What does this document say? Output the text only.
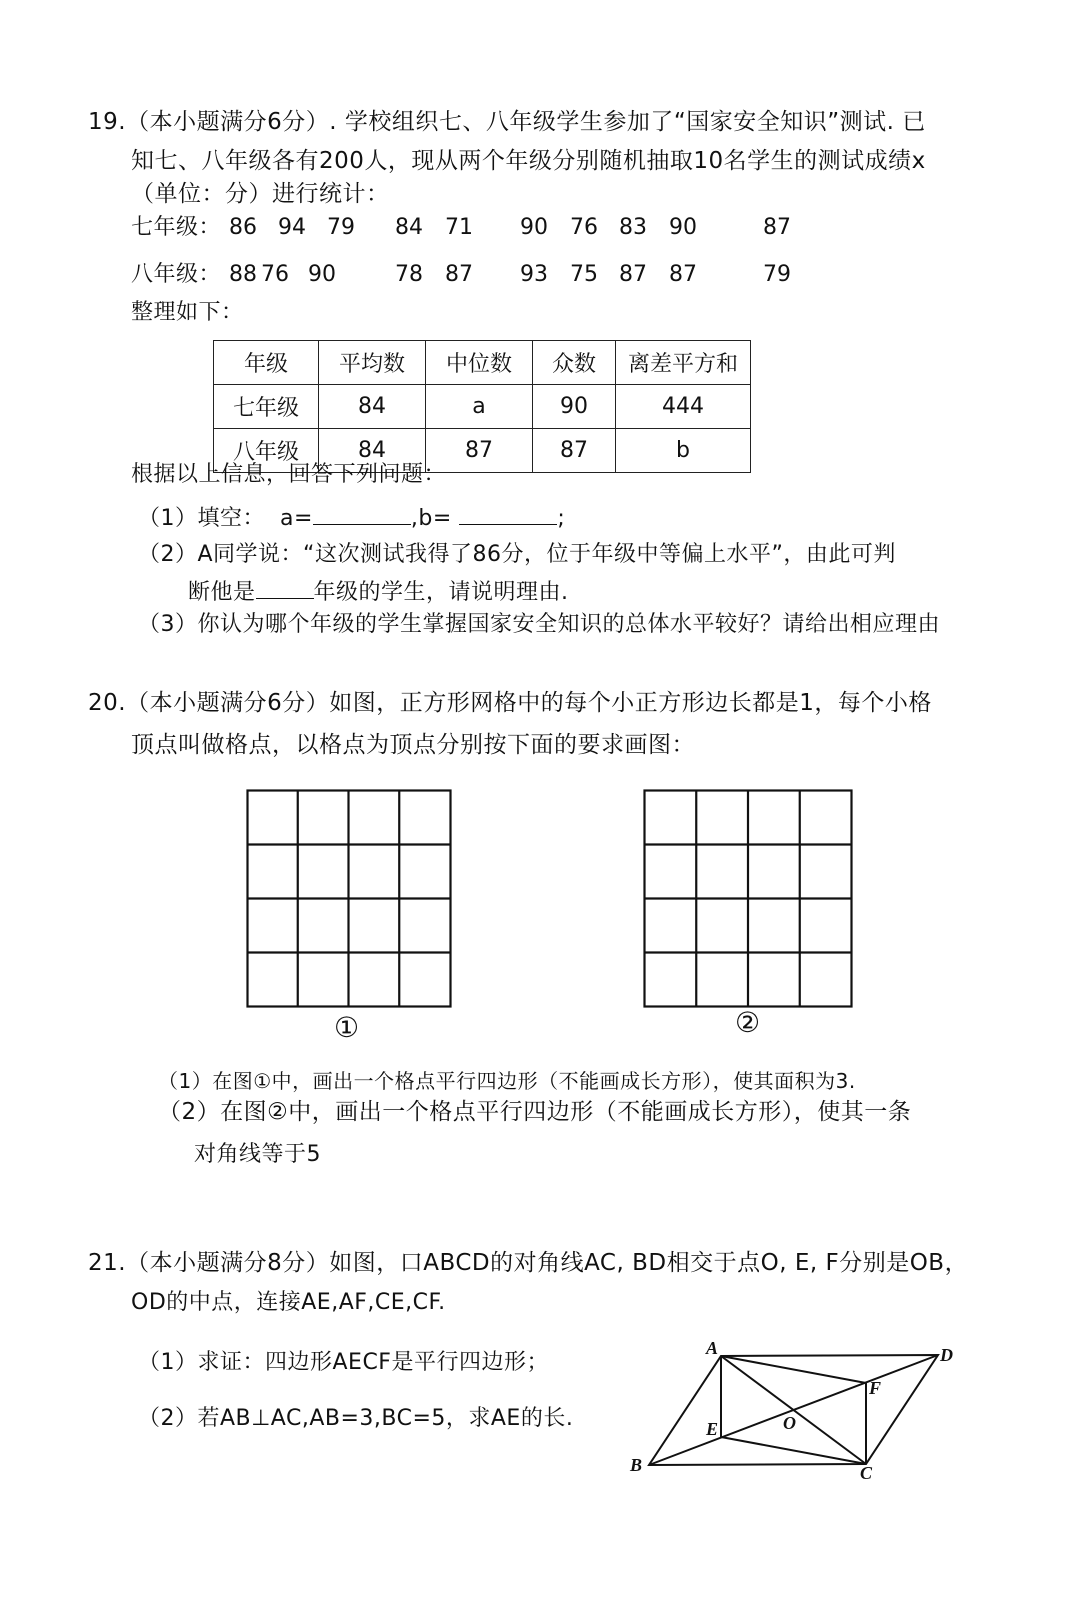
19.（本小题满分6分）. 学校组织七、八年级学生参加了“国家安全知识”测试. 已
知七、八年级各有200人，现从两个年级分别随机抽取10名学生的测试成绩x
（单位：分）进行统计：
七年级： 86 94 79 84 71 90 76 83 90	87
八年级： 88 76 90	78 87 93 75 87 87	79
整理如下：
年级	平均数	中位数	众数	离差平方和
七年级	84	a	90	444
八年级	84	87	87	b
根据以上信息，回答下列问题：
（1）填空： a=	,b=	;
（2）A同学说：“这次测试我得了86分，位于年级中等偏上水平”，由此可判
断他是	年级的学生，请说明理由.
（3）你认为哪个年级的学生掌握国家安全知识的总体水平较好？请给出相应理由
20.（本小题满分6分）如图，正方形网格中的每个小正方形边长都是1，每个小格
顶点叫做格点，以格点为顶点分别按下面的要求画图：
①	②
（1）在图①中，画出一个格点平行四边形（不能画成长方形），使其面积为3.
（2）在图②中，画出一个格点平行四边形（不能画成长方形），使其一条
对角线等于5
21.（本小题满分8分）如图，口ABCD的对角线AC, BD相交于点O, E, F分别是OB，
OD的中点，连接AE,AF,CE,CF.
（1）求证：四边形AECF是平行四边形；
（2）若AB⊥AC,AB=3,BC=5，求AE的长.
A	D
B	C
E
F
O
